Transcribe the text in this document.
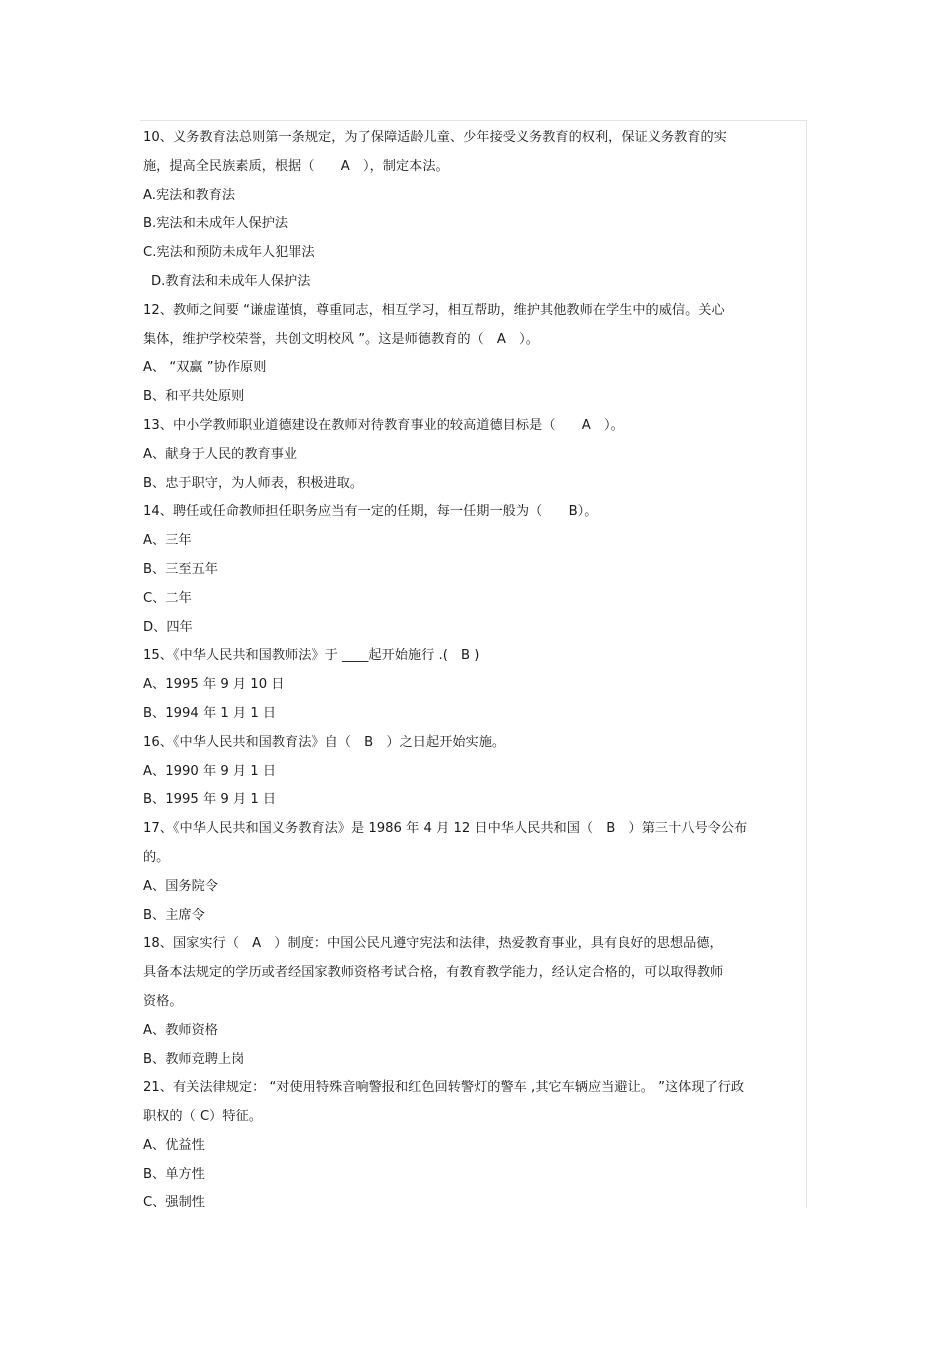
10、义务教育法总则第一条规定，为了保障适龄儿童、少年接受义务教育的权利，保证义务教育的实
施，提高全民族素质，根据（　　A　），制定本法。
A.宪法和教育法
B.宪法和未成年人保护法
C.宪法和预防未成年人犯罪法
D.教育法和未成年人保护法
12、教师之间要 “谦虚谨慎，尊重同志，相互学习，相互帮助，维护其他教师在学生中的威信。关心
集体，维护学校荣誉，共创文明校风 ”。这是师德教育的（　A　）。
A、 “双赢 ”协作原则
B、和平共处原则
13、中小学教师职业道德建设在教师对待教育事业的较高道德目标是（　　A　）。
A、献身于人民的教育事业
B、忠于职守，为人师表，积极进取。
14、聘任或任命教师担任职务应当有一定的任期，每一任期一般为（　　B）。
A、三年
B、三至五年
C、二年
D、四年
15、《中华人民共和国教师法》于 ____起开始施行 .(　B )
A、1995 年 9 月 10 日
B、1994 年 1 月 1 日
16、《中华人民共和国教育法》自（　B　）之日起开始实施。
A、1990 年 9 月 1 日
B、1995 年 9 月 1 日
17、《中华人民共和国义务教育法》是 1986 年 4 月 12 日中华人民共和国（　B　）第三十八号令公布
的。
A、国务院令
B、主席令
18、国家实行（　A　）制度：中国公民凡遵守宪法和法律，热爱教育事业，具有良好的思想品德，
具备本法规定的学历或者经国家教师资格考试合格，有教育教学能力，经认定合格的，可以取得教师
资格。
A、教师资格
B、教师竞聘上岗
21、有关法律规定： “对使用特殊音响警报和红色回转警灯的警车 ,其它车辆应当避让。 ”这体现了行政
职权的（ C）特征。
A、优益性
B、单方性
C、强制性
